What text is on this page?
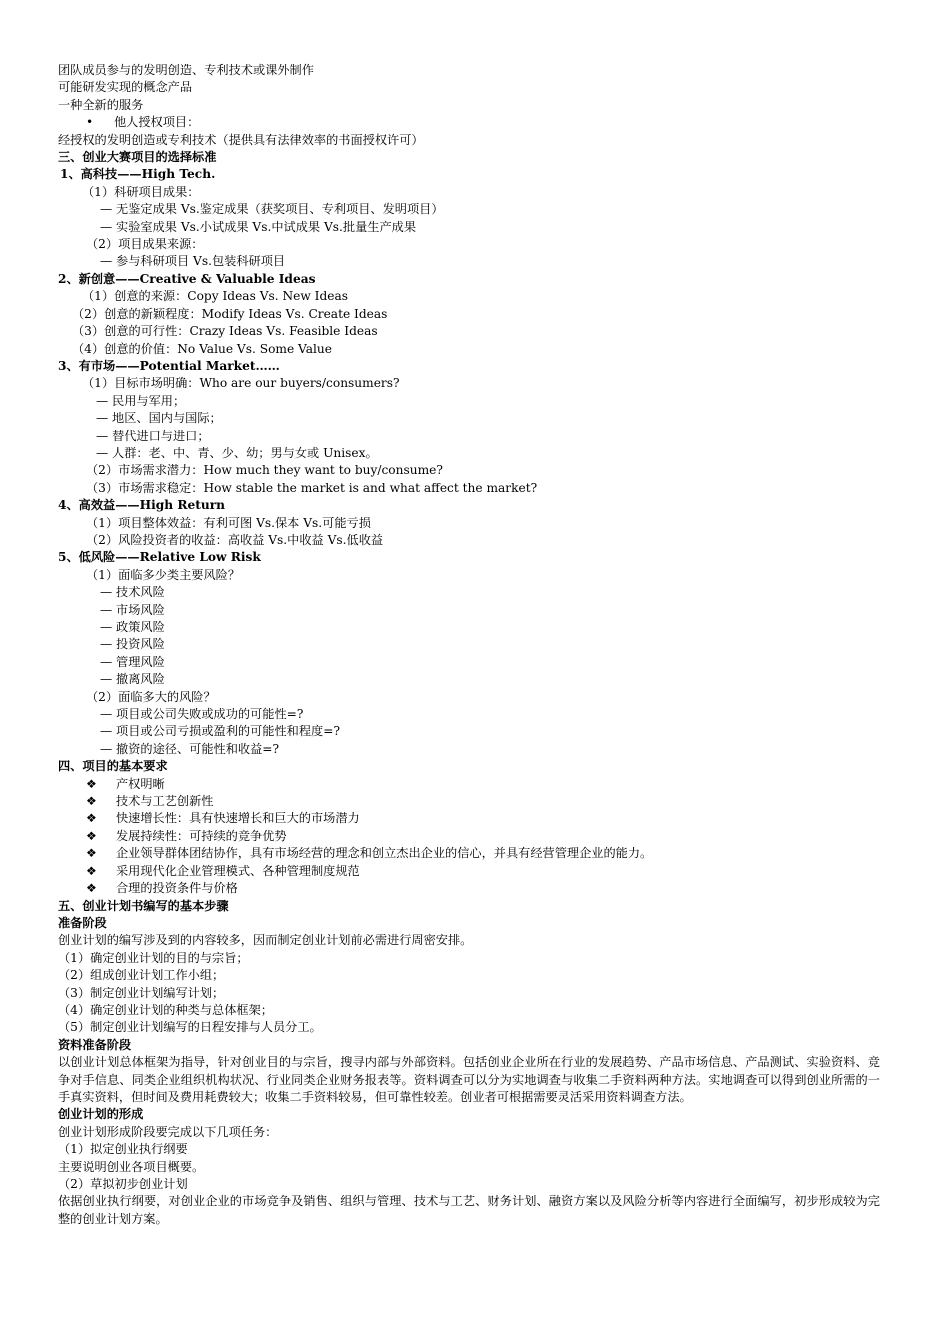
团队成员参与的发明创造、专利技术或课外制作
可能研发实现的概念产品
一种全新的服务
• 他人授权项目：
经授权的发明创造或专利技术（提供具有法律效率的书面授权许可）
三、创业大赛项目的选择标准
1、高科技——High Tech.
（1）科研项目成果：
— 无鉴定成果 Vs.鉴定成果（获奖项目、专利项目、发明项目）
— 实验室成果 Vs.小试成果 Vs.中试成果 Vs.批量生产成果
（2）项目成果来源：
— 参与科研项目 Vs.包装科研项目
2、新创意——Creative & Valuable Ideas
（1）创意的来源：Copy Ideas Vs. New Ideas
（2）创意的新颖程度：Modify Ideas Vs. Create Ideas
（3）创意的可行性：Crazy Ideas Vs. Feasible Ideas
（4）创意的价值：No Value Vs. Some Value
3、有市场——Potential Market……
（1）目标市场明确：Who are our buyers/consumers?
— 民用与军用；
— 地区、国内与国际；
— 替代进口与进口；
— 人群：老、中、青、少、幼；男与女或 Unisex。
（2）市场需求潜力：How much they want to buy/consume?
（3）市场需求稳定：How stable the market is and what affect the market?
4、高效益——High Return
（1）项目整体效益：有利可图 Vs.保本 Vs.可能亏损
（2）风险投资者的收益：高收益 Vs.中收益 Vs.低收益
5、低风险——Relative Low Risk
（1）面临多少类主要风险？
— 技术风险
— 市场风险
— 政策风险
— 投资风险
— 管理风险
— 撤离风险
（2）面临多大的风险？
— 项目或公司失败或成功的可能性=?
— 项目或公司亏损或盈利的可能性和程度=?
— 撤资的途径、可能性和收益=?
四、项目的基本要求
❖ 产权明晰
❖ 技术与工艺创新性
❖ 快速增长性：具有快速增长和巨大的市场潜力
❖ 发展持续性：可持续的竞争优势
❖ 企业领导群体团结协作，具有市场经营的理念和创立杰出企业的信心，并具有经营管理企业的能力。
❖ 采用现代化企业管理模式、各种管理制度规范
❖ 合理的投资条件与价格
五、创业计划书编写的基本步骤
准备阶段
创业计划的编写涉及到的内容较多，因而制定创业计划前必需进行周密安排。
（1）确定创业计划的目的与宗旨；
（2）组成创业计划工作小组；
（3）制定创业计划编写计划；
（4）确定创业计划的种类与总体框架；
（5）制定创业计划编写的日程安排与人员分工。
资料准备阶段
以创业计划总体框架为指导，针对创业目的与宗旨，搜寻内部与外部资料。包括创业企业所在行业的发展趋势、产品市场信息、产品测试、实验资料、竞争对手信息、同类企业组织机构状况、行业同类企业财务报表等。资料调查可以分为实地调查与收集二手资料两种方法。实地调查可以得到创业所需的一手真实资料，但时间及费用耗费较大；收集二手资料较易，但可靠性较差。创业者可根据需要灵活采用资料调查方法。
创业计划的形成
创业计划形成阶段要完成以下几项任务：
（1）拟定创业执行纲要
主要说明创业各项目概要。
（2）草拟初步创业计划
依据创业执行纲要，对创业企业的市场竞争及销售、组织与管理、技术与工艺、财务计划、融资方案以及风险分析等内容进行全面编写，初步形成较为完整的创业计划方案。
